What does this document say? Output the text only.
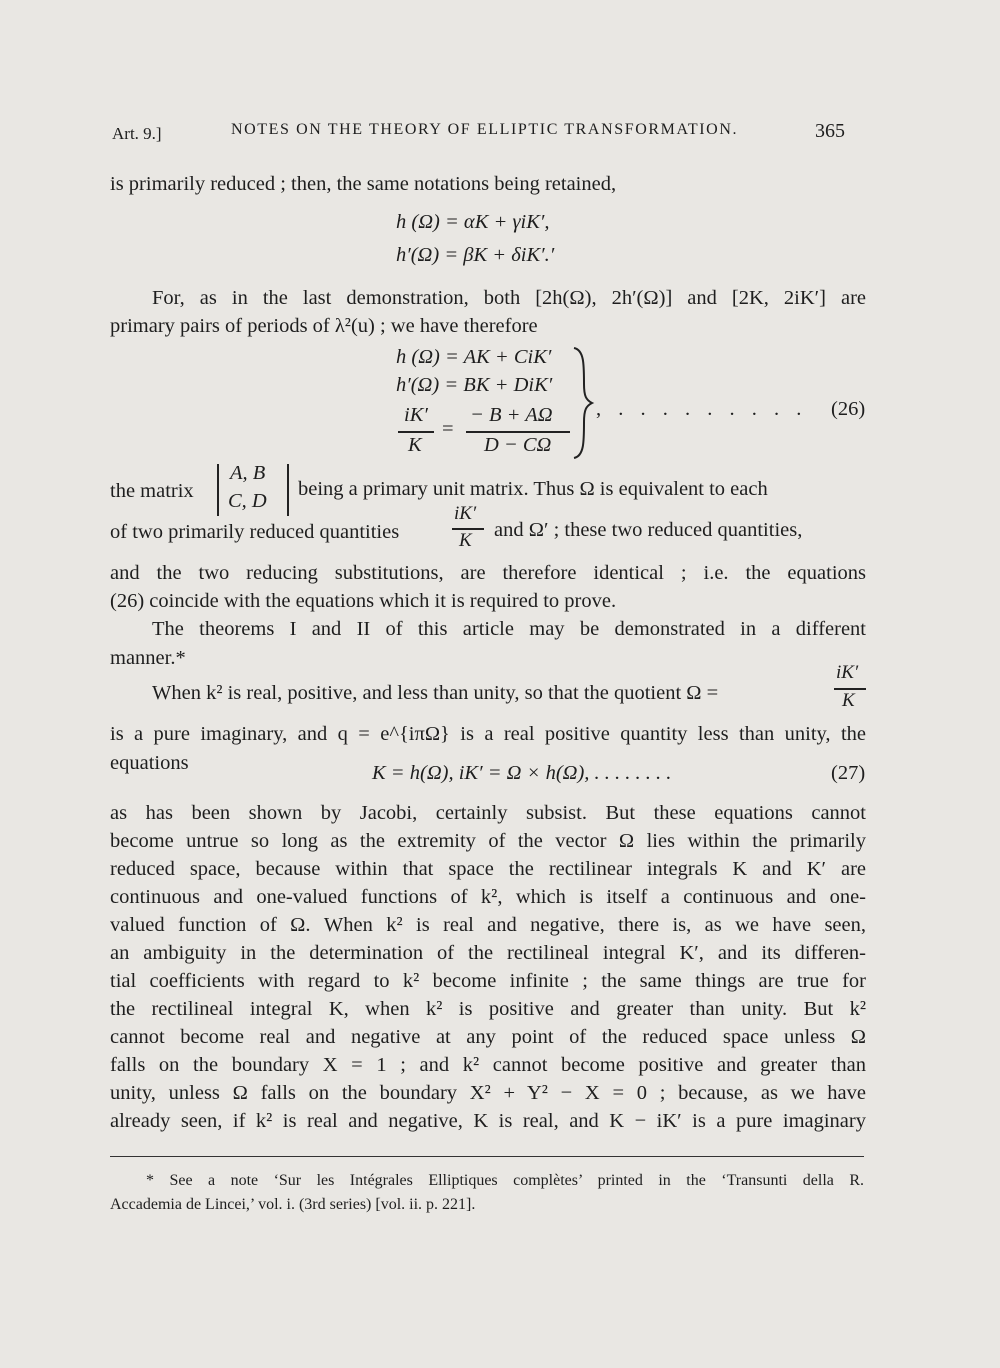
Art. 9.]	NOTES ON THE THEORY OF ELLIPTIC TRANSFORMATION.	365
is primarily reduced ; then, the same notations being retained,
h (Ω) = αK + γiK′,
h′(Ω) = βK + δiK′.′
For, as in the last demonstration, both [2h(Ω), 2h′(Ω)] and [2K, 2iK′] are
primary pairs of periods of λ²(u) ; we have therefore
h (Ω) = AK + CiK′
h′(Ω) = BK + DiK′
iK′
K
=
− B + AΩ
D − CΩ
, . . . . . . . . . (26)
the matrix
A, B
C, D
being a primary unit matrix. Thus Ω is equivalent to each
of two primarily reduced quantities
iK′
K and Ω′ ; these two reduced quantities,
and the two reducing substitutions, are therefore identical ; i.e. the equations
(26) coincide with the equations which it is required to prove.
The theorems I and II of this article may be demonstrated in a different
manner.*
When k² is real, positive, and less than unity, so that the quotient Ω =
iK′
K
is a pure imaginary, and q = e^{iπΩ} is a real positive quantity less than unity, the
equations	K = h(Ω), iK′ = Ω × h(Ω), . . . . . . . .	(27)
as has been shown by Jacobi, certainly subsist. But these equations cannot
become untrue so long as the extremity of the vector Ω lies within the primarily
reduced space, because within that space the rectilinear integrals K and K′ are
continuous and one-valued functions of k², which is itself a continuous and one-
valued function of Ω. When k² is real and negative, there is, as we have seen,
an ambiguity in the determination of the rectilineal integral K′, and its differen-
tial coefficients with regard to k² become infinite ; the same things are true for
the rectilineal integral K, when k² is positive and greater than unity. But k²
cannot become real and negative at any point of the reduced space unless Ω
falls on the boundary X = 1 ; and k² cannot become positive and greater than
unity, unless Ω falls on the boundary X² + Y² − X = 0 ; because, as we have
already seen, if k² is real and negative, K is real, and K − iK′ is a pure imaginary
* See a note ‘Sur les Intégrales Elliptiques complètes’ printed in the ‘Transunti della R.
Accademia de Lincei,’ vol. i. (3rd series) [vol. ii. p. 221].
